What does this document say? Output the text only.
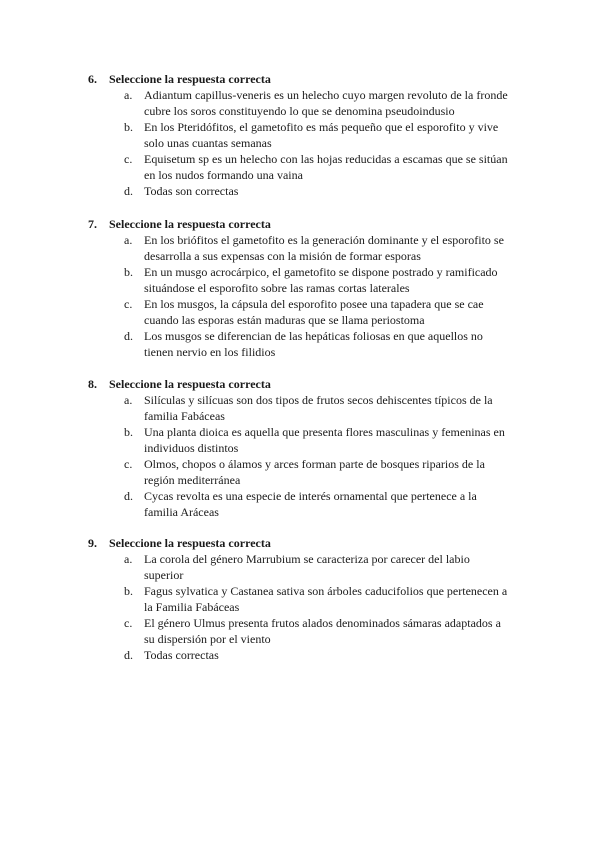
6.	Seleccione la respuesta correcta
a. Adiantum capillus-veneris es un helecho cuyo margen revoluto de la fronde cubre los soros constituyendo lo que se denomina pseudoindusio
b. En los Pteridófitos, el gametofito es más pequeño que el esporofito y vive solo unas cuantas semanas
c. Equisetum sp es un helecho con las hojas reducidas a escamas que se sitúan en los nudos formando una vaina
d. Todas son correctas
7.	Seleccione la respuesta correcta
a. En los briófitos el gametofito es la generación dominante y el esporofito se desarrolla a sus expensas con la misión de formar esporas
b. En un musgo acrocárpico, el gametofito se dispone postrado y ramificado situándose el esporofito sobre las ramas cortas laterales
c. En los musgos, la cápsula del esporofito posee una tapadera que se cae cuando las esporas están maduras que se llama periostoma
d. Los musgos se diferencian de las hepáticas foliosas en que aquellos no tienen nervio en los filidios
8.	Seleccione la respuesta correcta
a. Silículas y silícuas son dos tipos de frutos secos dehiscentes típicos de la familia Fabáceas
b. Una planta dioica es aquella que presenta flores masculinas y femeninas en individuos distintos
c. Olmos, chopos o álamos y arces forman parte de bosques riparios de la región mediterránea
d. Cycas revolta es una especie de interés ornamental que pertenece a la familia Aráceas
9.	Seleccione la respuesta correcta
a. La corola del género Marrubium se caracteriza por carecer del labio superior
b. Fagus sylvatica y Castanea sativa son árboles caducifolios que pertenecen a la Familia Fabáceas
c. El género Ulmus presenta frutos alados denominados sámaras adaptados a su dispersión por el viento
d. Todas correctas
